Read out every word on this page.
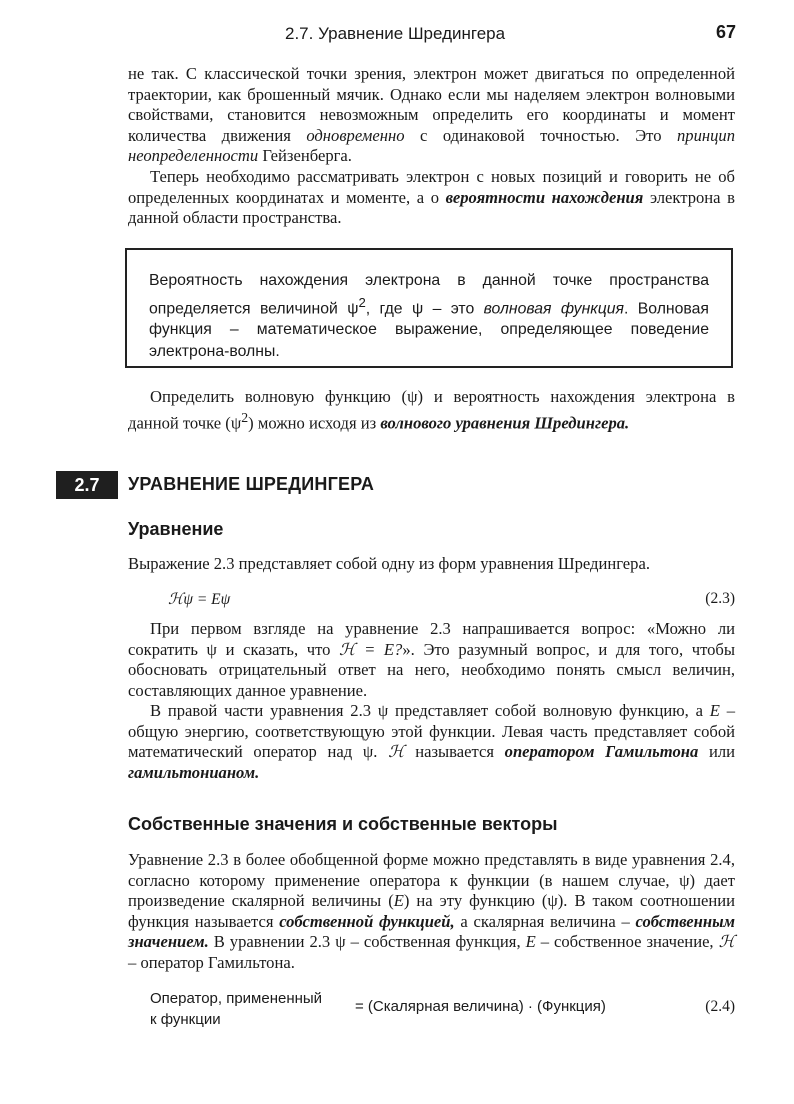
2.7. Уравнение Шредингера	67

не так. С классической точки зрения, электрон может двигаться по определенной траектории, как брошенный мячик. Однако если мы наделяем электрон волновыми свойствами, становится невозможным определить его координаты и момент количества движения одновременно с одинаковой точностью. Это принцип неопределенности Гейзенберга.

Теперь необходимо рассматривать электрон с новых позиций и говорить не об определенных координатах и моменте, а о вероятности нахождения электрона в данной области пространства.

Вероятность нахождения электрона в данной точке пространства определяется величиной $\psi^2$, где ψ – это волновая функция. Волновая функция – математическое выражение, определяющее поведение электрона-волны.

Определить волновую функцию (ψ) и вероятность нахождения электрона в данной точке $(\psi^2)$ можно исходя из волнового уравнения Шредингера.

2.7	УРАВНЕНИЕ ШРЕДИНГЕРА
Уравнение

Выражение 2.3 представляет собой одну из форм уравнения Шредингера.

ℋψ = Eψ	(2.3)

При первом взгляде на уравнение 2.3 напрашивается вопрос: «Можно ли сократить ψ и сказать, что ℋ = E?». Это разумный вопрос, и для того, чтобы обосновать отрицательный ответ на него, необходимо понять смысл величин, составляющих данное уравнение.

В правой части уравнения 2.3 ψ представляет собой волновую функцию, а E – общую энергию, соответствующую этой функции. Левая часть представляет собой математический оператор над ψ. ℋ называется оператором Гамильтона или гамильтонианом.

Собственные значения и собственные векторы

Уравнение 2.3 в более обобщенной форме можно представлять в виде уравнения 2.4, согласно которому применение оператора к функции (в нашем случае, ψ) дает произведение скалярной величины (E) на эту функцию (ψ). В таком соотношении функция называется собственной функцией, а скалярная величина – собственным значением. В уравнении 2.3 ψ – собственная функция, E – собственное значение, ℋ – оператор Гамильтона.

Оператор, примененный
к функции
= (Скалярная величина) · (Функция)	(2.4)
